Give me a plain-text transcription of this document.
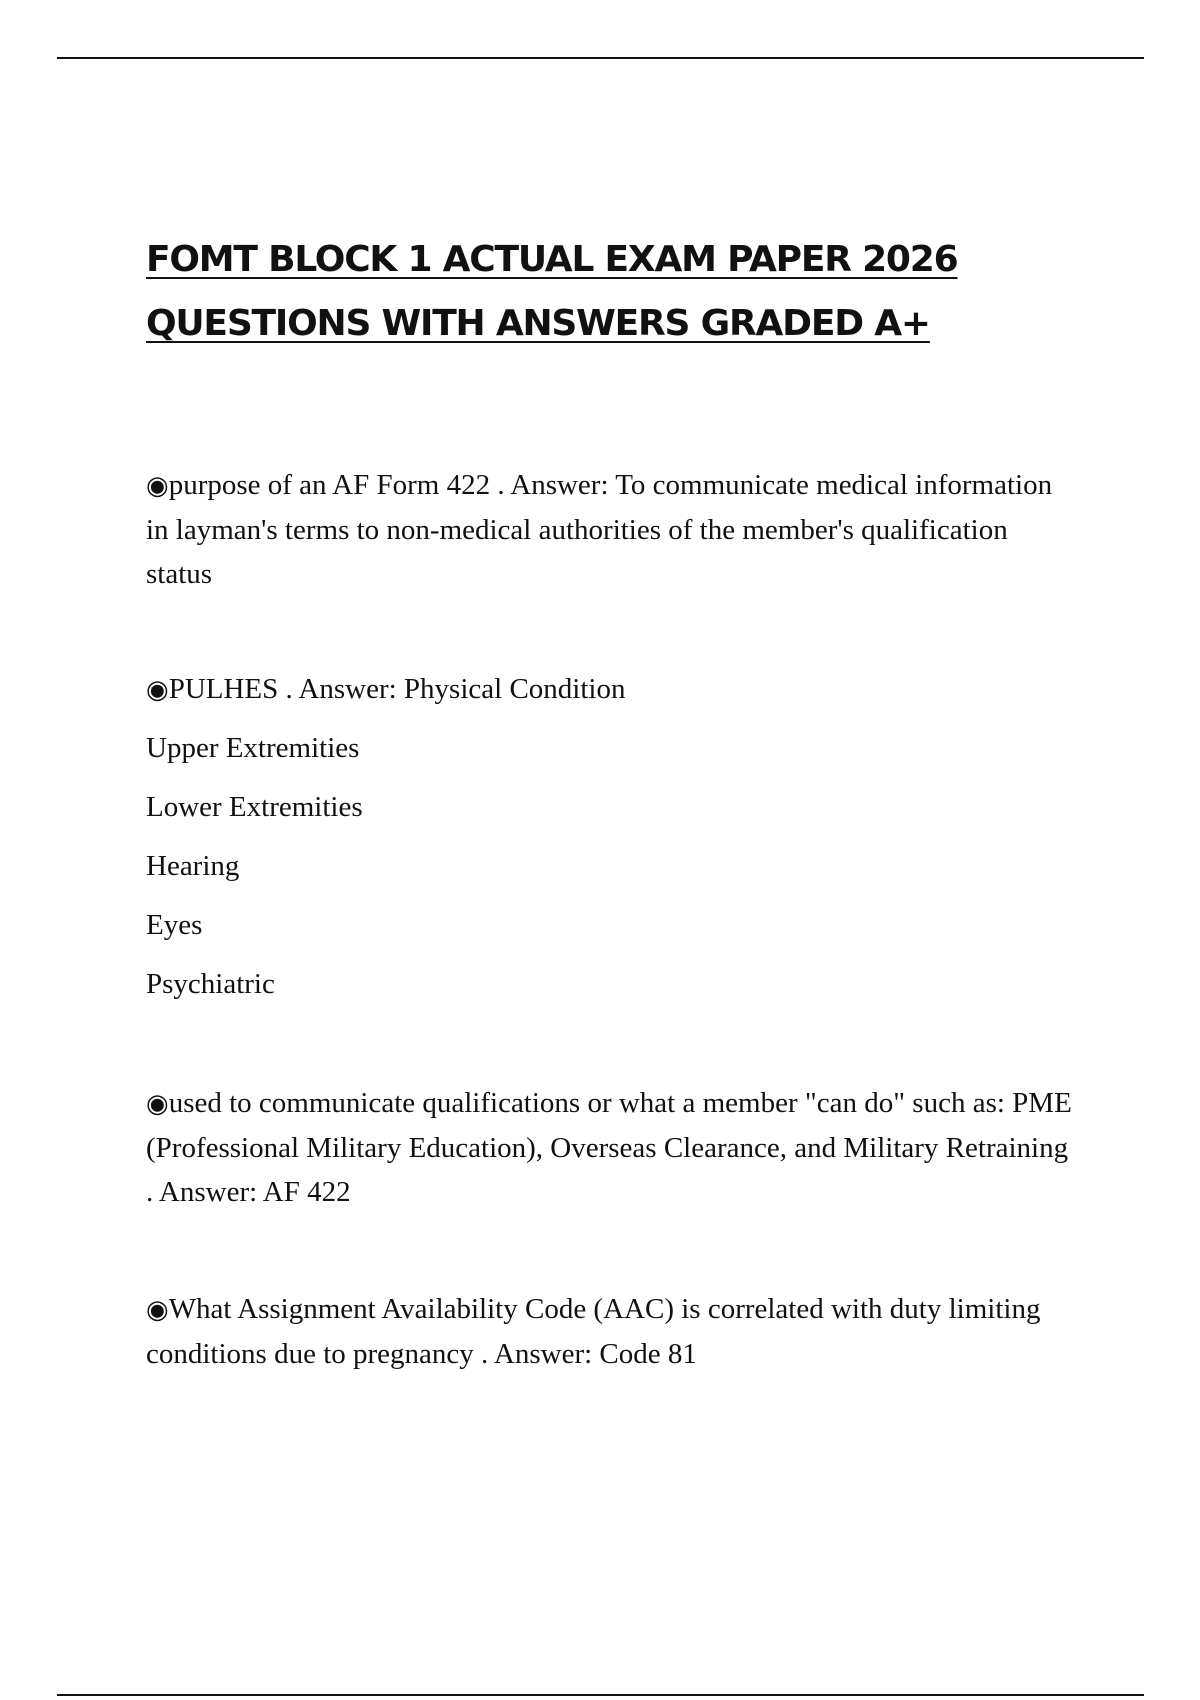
FOMT BLOCK 1 ACTUAL EXAM PAPER 2026
QUESTIONS WITH ANSWERS GRADED A+

◉purpose of an AF Form 422 . Answer: To communicate medical information in layman's terms to non-medical authorities of the member's qualification status

◉PULHES . Answer: Physical Condition

Upper Extremities

Lower Extremities

Hearing

Eyes

Psychiatric

◉used to communicate qualifications or what a member "can do" such as: PME (Professional Military Education), Overseas Clearance, and Military Retraining . Answer: AF 422

◉What Assignment Availability Code (AAC) is correlated with duty limiting conditions due to pregnancy . Answer: Code 81
